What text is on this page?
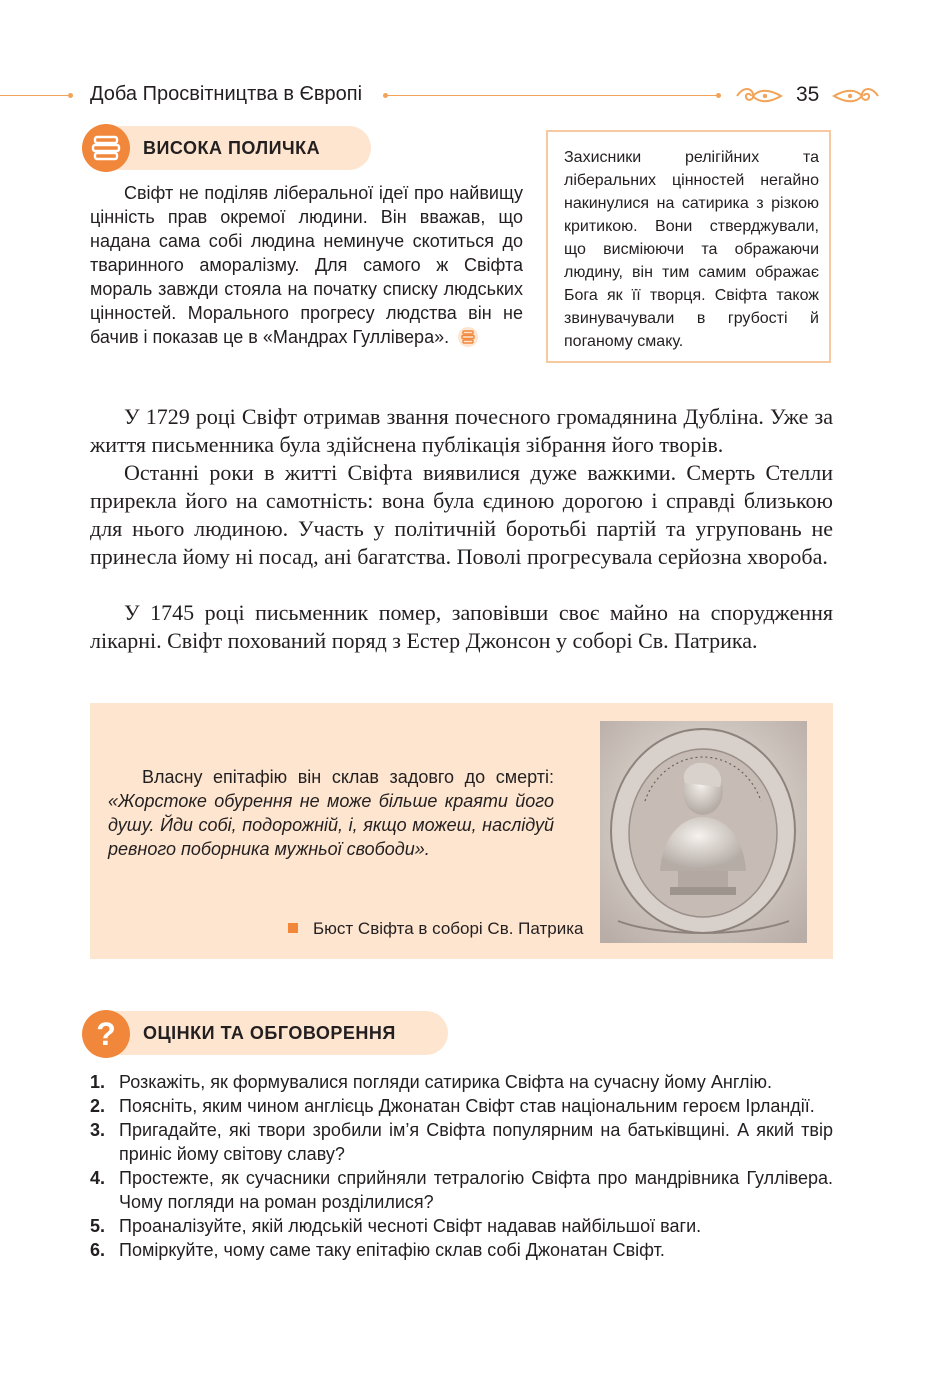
Доба Просвітництва в Європі	35
ВИСОКА ПОЛИЧКА
Свіфт не поділяв ліберальної ідеї про найвищу цінність прав окремої людини. Він вважав, що надана сама собі людина неминуче скотиться до тваринного аморалізму. Для самого ж Свіфта мораль завжди стояла на початку списку людських цінностей. Морального прогресу людства він не бачив і показав це в «Мандрах Гуллівера».
Захисники релігійних та ліберальних цінностей негайно накинулися на сатирика з різкою критикою. Вони стверджували, що висміюючи та ображаючи людину, він тим самим ображає Бога як її творця. Свіфта також звинувачували в грубості й поганому смаку.
У 1729 році Свіфт отримав звання почесного громадянина Дубліна. Уже за життя письменника була здійснена публікація зібрання його творів.
Останні роки в житті Свіфта виявилися дуже важкими. Смерть Стелли прирекла його на самотність: вона була єдиною дорогою і справді близькою для нього людиною. Участь у політичній боротьбі партій та угруповань не принесла йому ні посад, ані багатства. Поволі прогресувала серйозна хвороба.
У 1745 році письменник помер, заповівши своє майно на спорудження лікарні. Свіфт похований поряд з Естер Джонсон у соборі Св. Патрика.
Власну епітафію він склав задовго до смерті: «Жорстоке обурення не може більше краяти його душу. Йди собі, подорожній, і, якщо можеш, наслідуй ревного поборника мужньої свободи».
Бюст Свіфта в соборі Св. Патрика
? ОЦІНКИ ТА ОБГОВОРЕННЯ
1. Розкажіть, як формувалися погляди сатирика Свіфта на сучасну йому Англію.
2. Поясніть, яким чином англієць Джонатан Свіфт став національним героєм Ірландії.
3. Пригадайте, які твори зробили ім’я Свіфта популярним на батьківщині. А який твір приніс йому світову славу?
4. Простежте, як сучасники сприйняли тетралогію Свіфта про мандрівника Гуллівера. Чому погляди на роман розділилися?
5. Проаналізуйте, якій людській чесноті Свіфт надавав найбільшої ваги.
6. Поміркуйте, чому саме таку епітафію склав собі Джонатан Свіфт.
